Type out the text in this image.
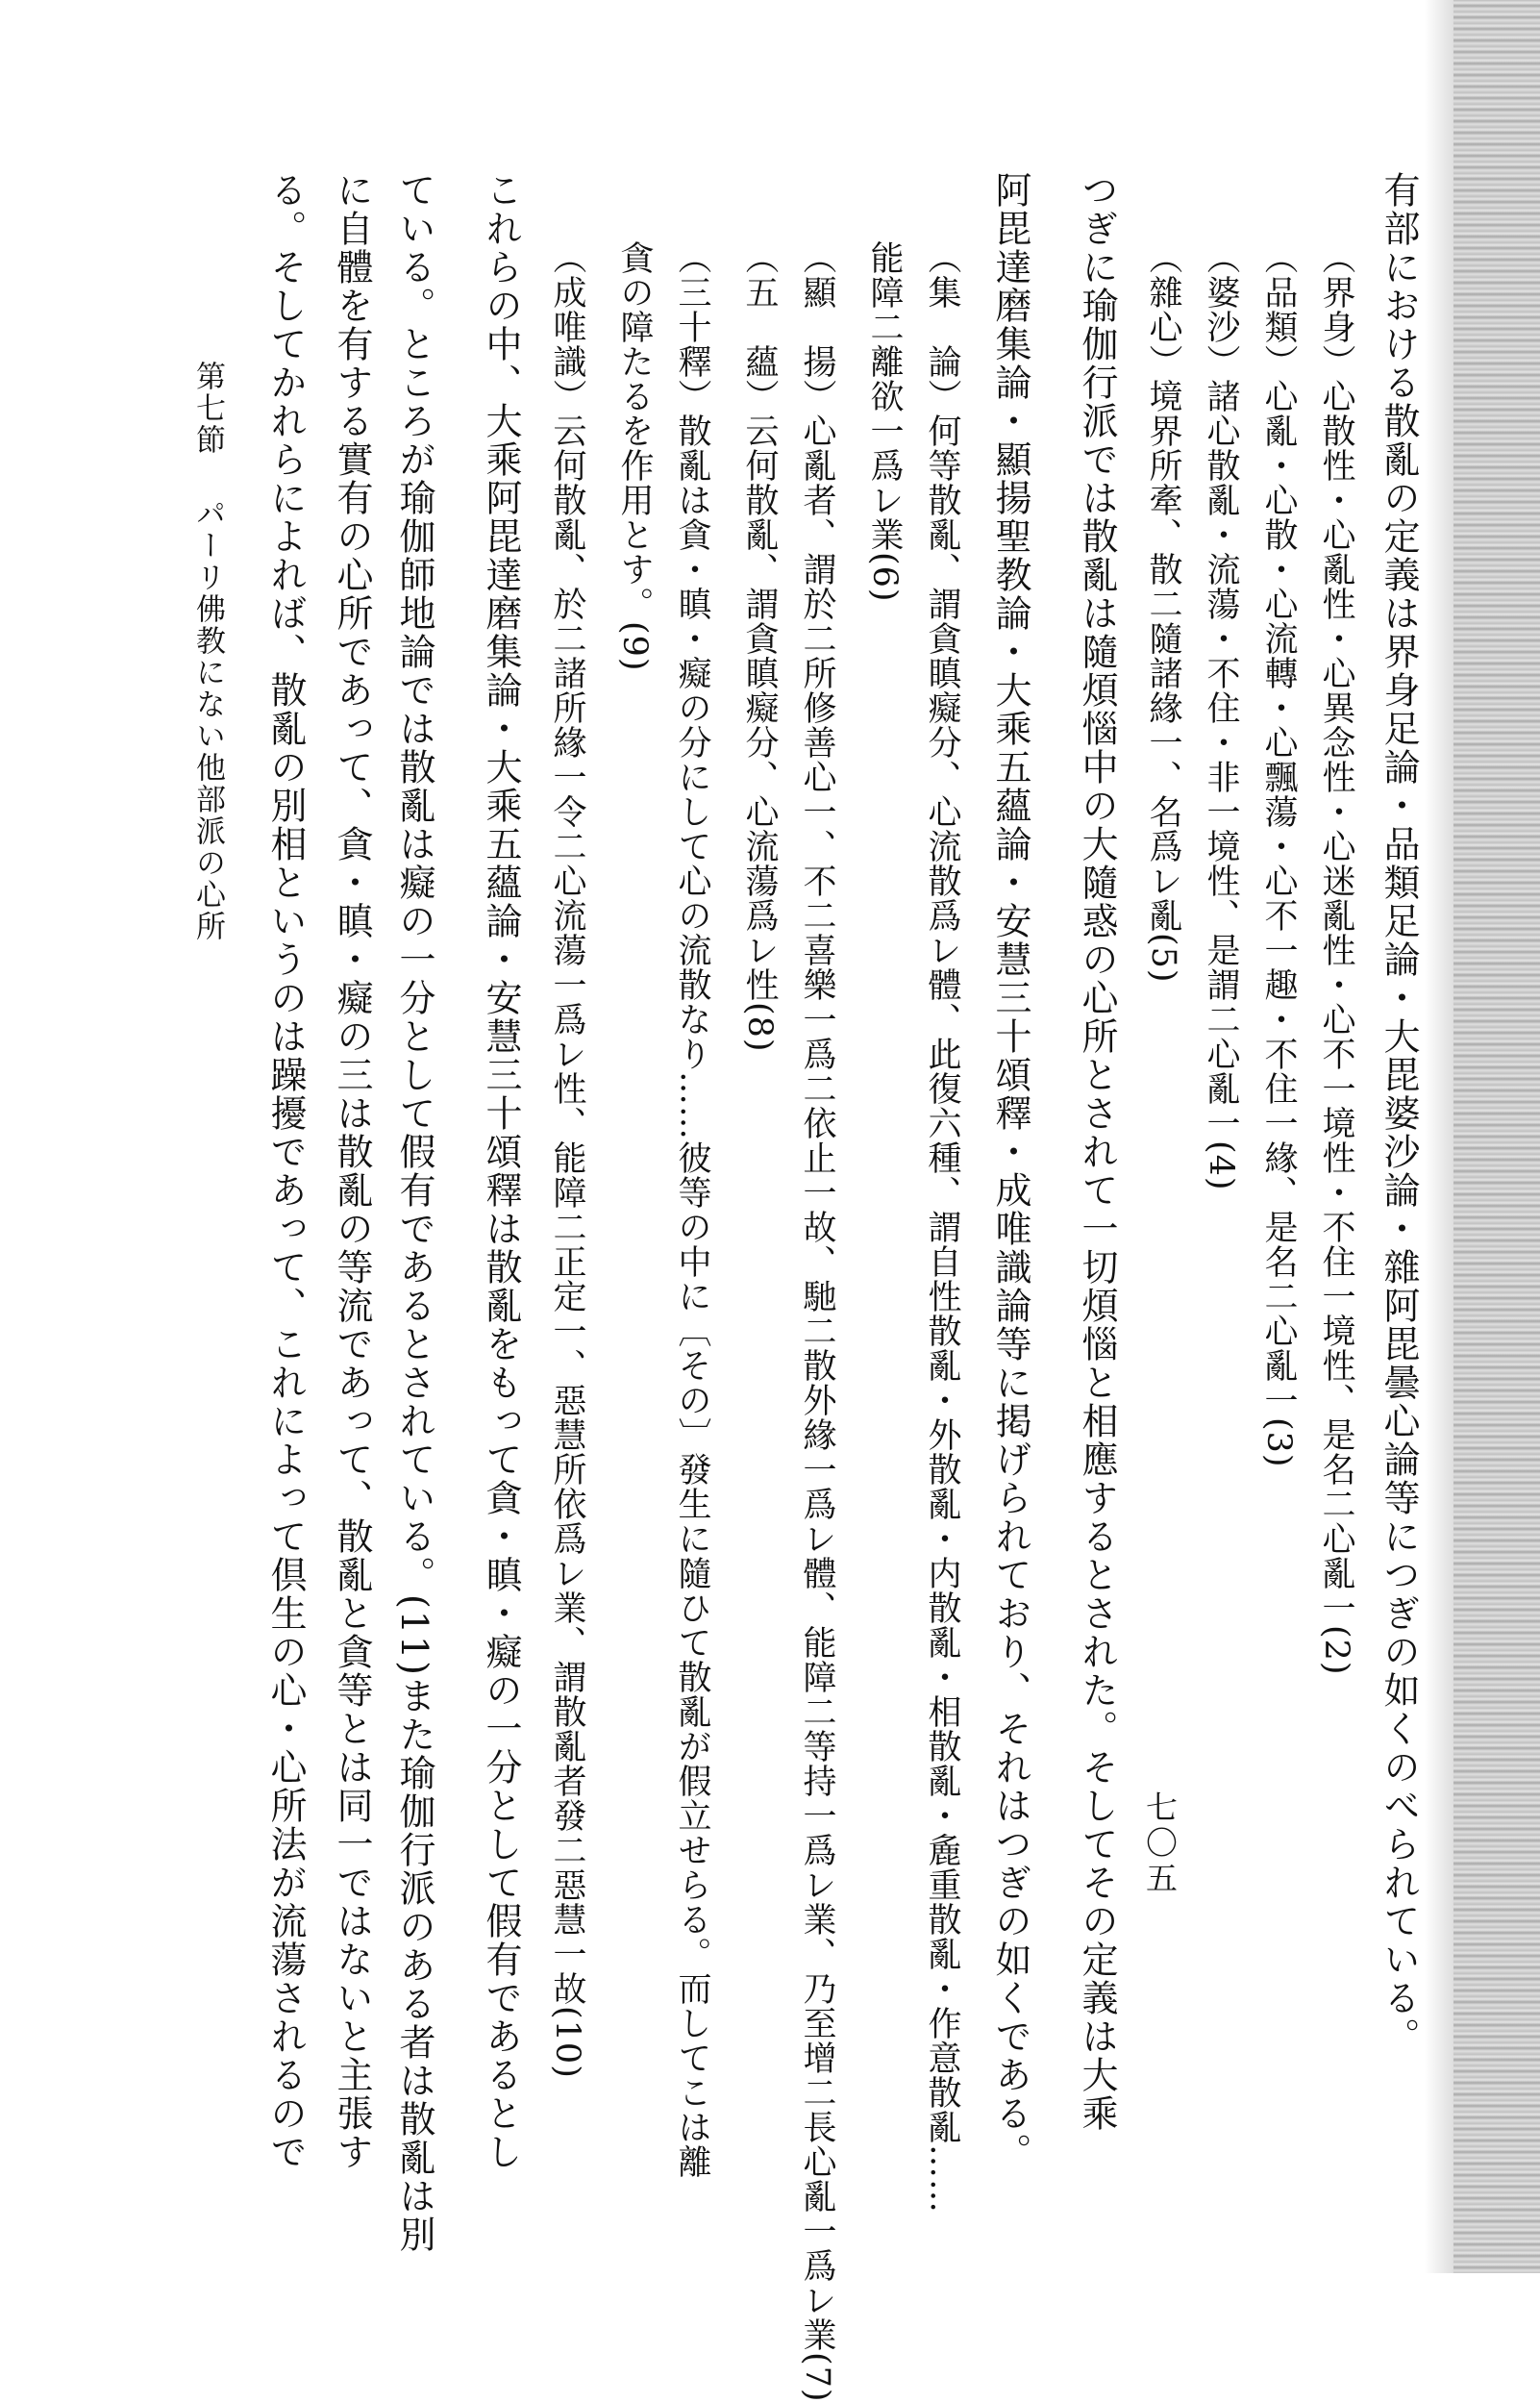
有部における散亂の定義は界身足論・品類足論・大毘婆沙論・雜阿毘曇心論等につぎの如くのべられている。
（界身）心散性・心亂性・心異念性・心迷亂性・心不一境性・不住一境性、是名二心亂一(2)
（品類）心亂・心散・心流轉・心飄蕩・心不一趣・不住一緣、是名二心亂一(3)
（婆沙）諸心散亂・流蕩・不住・非一境性、是謂二心亂一(4)
（雜心）境界所牽、散二隨諸緣一、名爲レ亂(5)
つぎに瑜伽行派では散亂は隨煩惱中の大隨惑の心所とされて一切煩惱と相應するとされた。そしてその定義は大乘
阿毘達磨集論・顯揚聖教論・大乘五蘊論・安慧三十頌釋・成唯識論等に掲げられており、それはつぎの如くである。
（集　論）何等散亂、謂貪瞋癡分、心流散爲レ體、此復六種、謂自性散亂・外散亂・内散亂・相散亂・麁重散亂・作意散亂……
能障二離欲一爲レ業(6)
（顯　揚）心亂者、謂於二所修善心一、不二喜樂一爲二依止一故、馳二散外緣一爲レ體、能障二等持一爲レ業、乃至增二長心亂一爲レ業(7)
（五　蘊）云何散亂、謂貪瞋癡分、心流蕩爲レ性(8)
（三十釋）散亂は貪・瞋・癡の分にして心の流散なり……彼等の中に〔その〕發生に隨ひて散亂が假立せらる。而してこは離
貪の障たるを作用とす。(9)
（成唯識）云何散亂、於二諸所緣一令二心流蕩一爲レ性、能障二正定一、惡慧所依爲レ業、謂散亂者發二惡慧一故(10)
これらの中、大乘阿毘達磨集論・大乘五蘊論・安慧三十頌釋は散亂をもって貪・瞋・癡の一分として假有であるとし
ている。ところが瑜伽師地論では散亂は癡の一分として假有であるとされている。(11)また瑜伽行派のある者は散亂は別
に自體を有する實有の心所であって、貪・瞋・癡の三は散亂の等流であって、散亂と貪等とは同一ではないと主張す
る。そしてかれらによれば、散亂の別相というのは躁擾であって、これによって倶生の心・心所法が流蕩されるので
第七節パーリ佛教にない他部派の心所
七〇五
